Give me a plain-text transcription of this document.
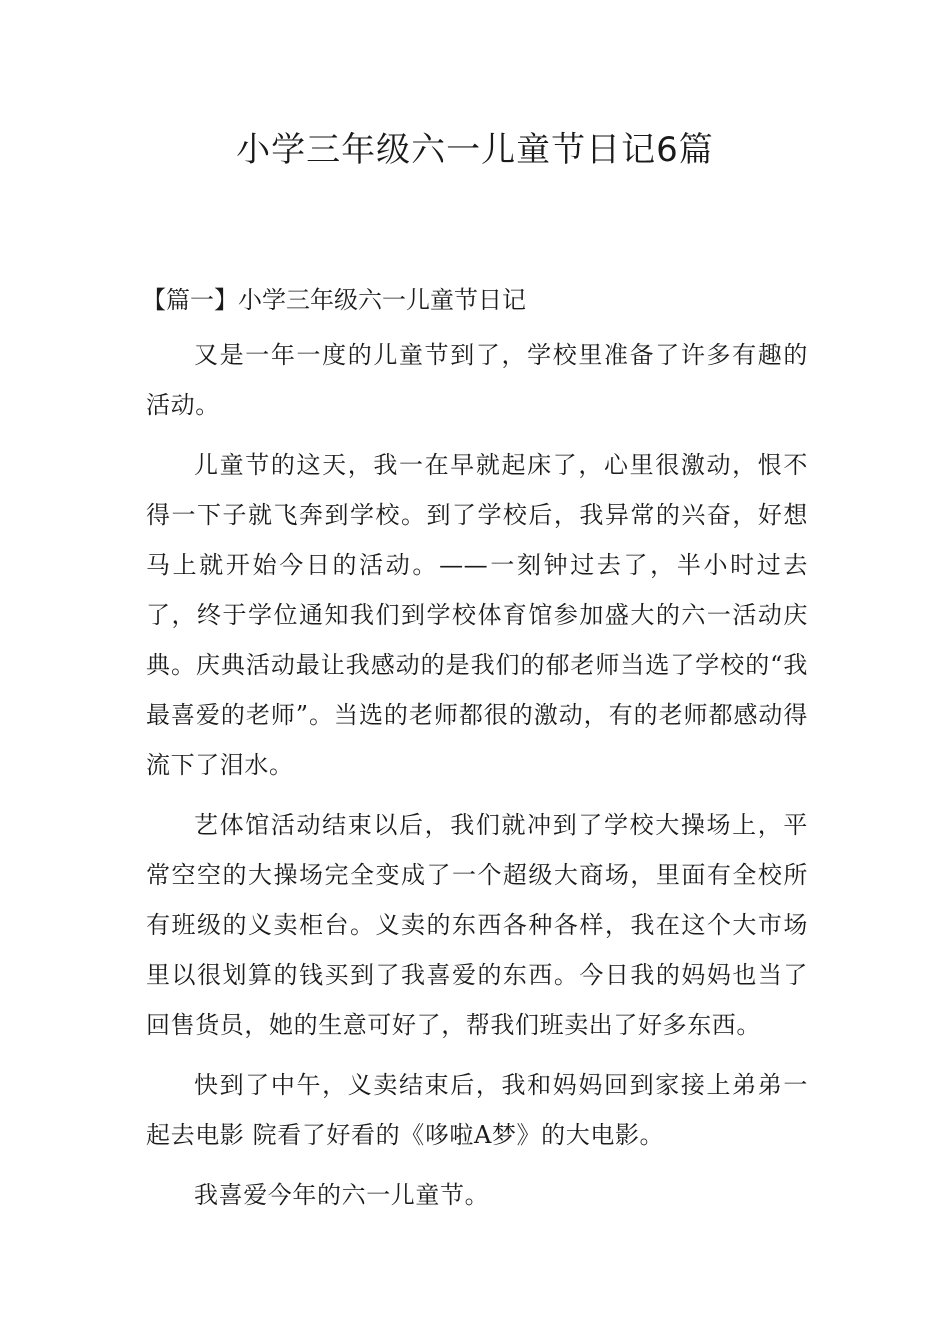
小学三年级六一儿童节日记6篇
【篇一】小学三年级六一儿童节日记

又是一年一度的儿童节到了，学校里准备了许多有趣的活动。

儿童节的这天，我一在早就起床了，心里很激动，恨不得一下子就飞奔到学校。到了学校后，我异常的兴奋，好想马上就开始今日的活动。——一刻钟过去了，半小时过去了，终于学位通知我们到学校体育馆参加盛大的六一活动庆典。庆典活动最让我感动的是我们的郁老师当选了学校的“我最喜爱的老师”。当选的老师都很的激动，有的老师都感动得流下了泪水。

艺体馆活动结束以后，我们就冲到了学校大操场上，平常空空的大操场完全变成了一个超级大商场，里面有全校所有班级的义卖柜台。义卖的东西各种各样，我在这个大市场里以很划算的钱买到了我喜爱的东西。今日我的妈妈也当了回售货员，她的生意可好了，帮我们班卖出了好多东西。

快到了中午，义卖结束后，我和妈妈回到家接上弟弟一起去电影 院看了好看的《哆啦A梦》的大电影。

我喜爱今年的六一儿童节。
